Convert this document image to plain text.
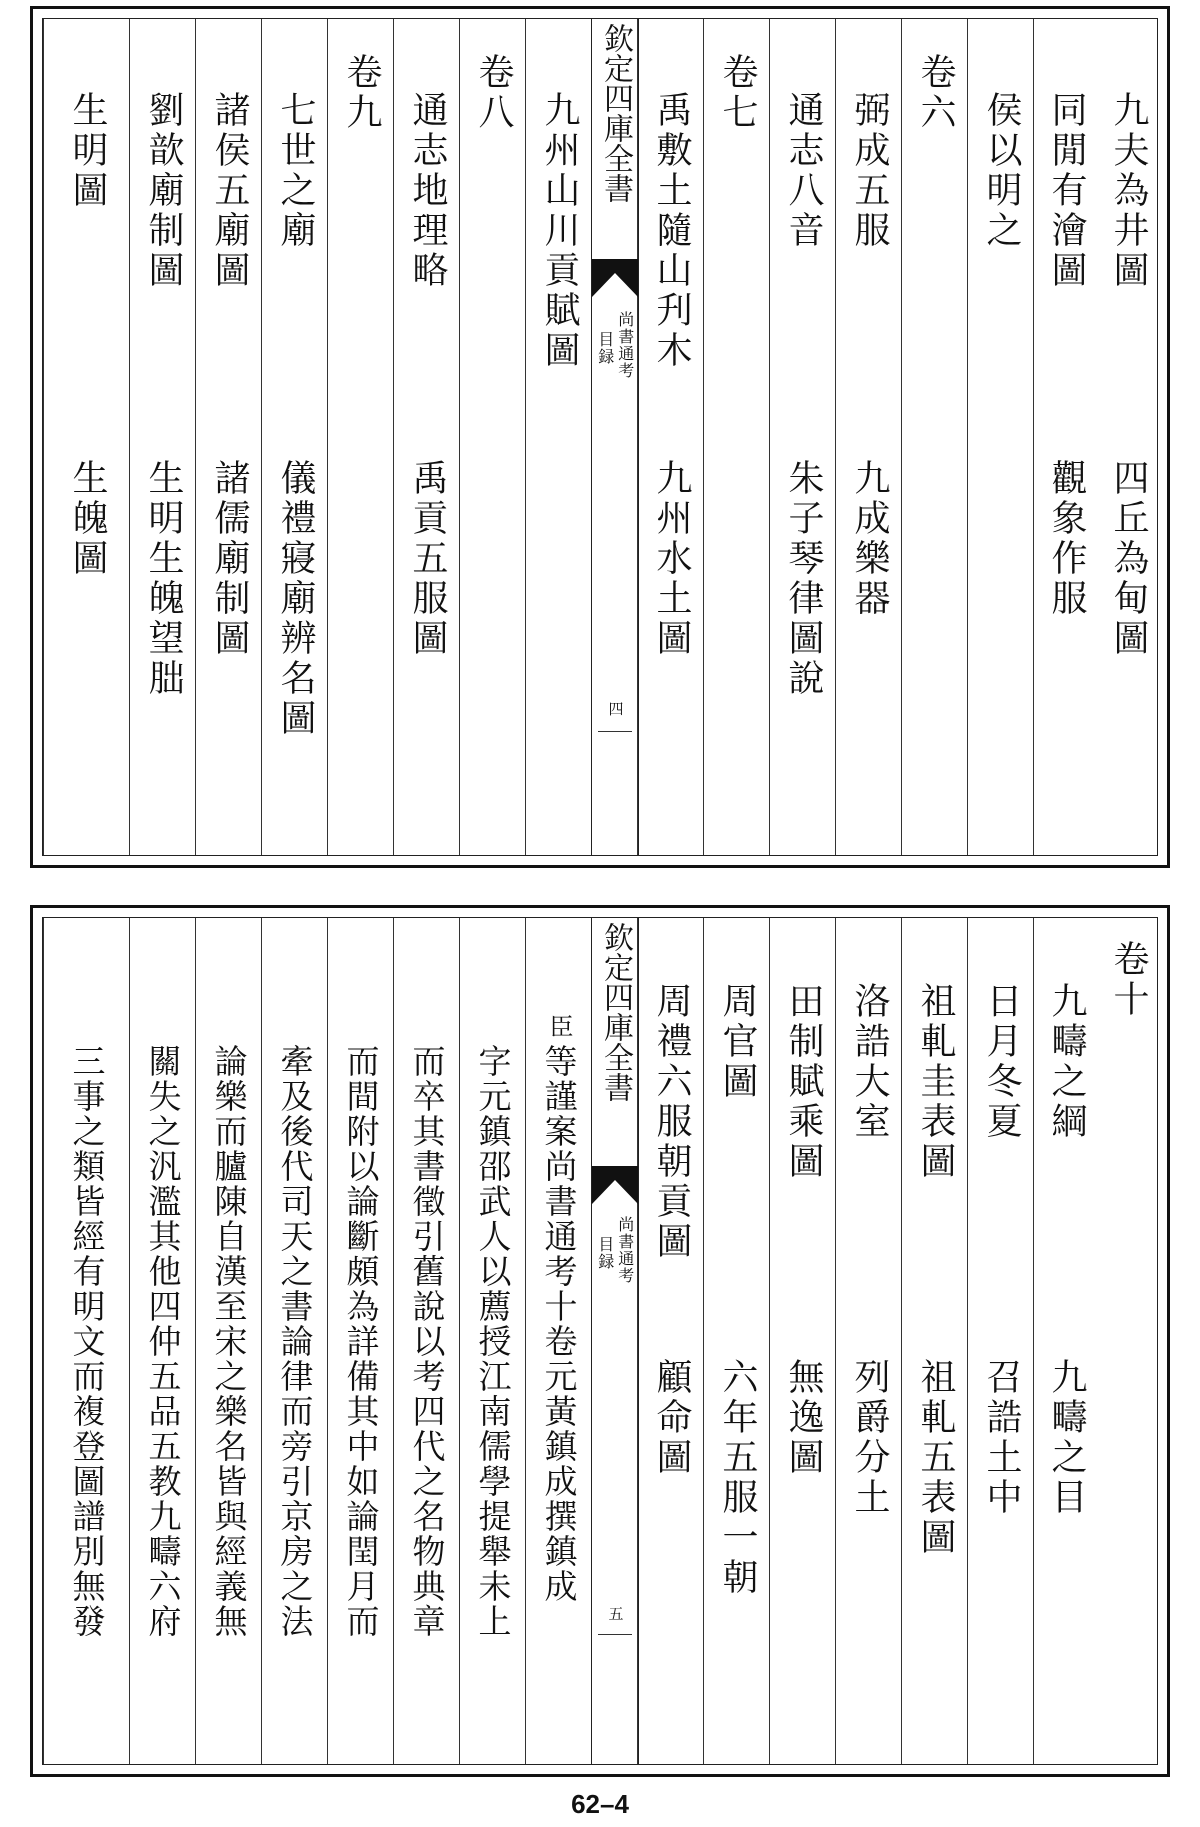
九夫為井圖
四丘為甸圖
同閒有澮圖
觀象作服
侯以明之
卷六
弼成五服
九成樂器
通志八音
朱子琴律圖說
卷七
禹敷土隨山刋木
九州水土圖
欽定四庫全書
尚書通考
目録
四
九州山川貢賦圖
卷八
通志地理略
禹貢五服圖
卷九
七世之廟
儀禮寢廟辨名圖
諸侯五廟圖
諸儒廟制圖
劉歆廟制圖
生明生魄望朏
生明圖
生魄圖
卷十
九疇之綱
九疇之目
日月冬夏
召誥土中
祖軋圭表圖
祖軋五表圖
洛誥大室
列爵分土
田制賦乘圖
無逸圖
周官圖
六年五服一朝
周禮六服朝貢圖
顧命圖
欽定四庫全書
尚書通考
目録
五
臣
等謹案尚書通考十卷元黃鎮成撰鎮成
字元鎮邵武人以薦授江南儒學提舉未上
而卒其書徵引舊說以考四代之名物典章
而間附以論斷頗為詳備其中如論閏月而
牽及後代司天之書論律而旁引京房之法
論樂而臚陳自漢至宋之樂名皆與經義無
關失之汎濫其他四仲五品五教九疇六府
三事之類皆經有明文而複登圖譜別無發
62–4
